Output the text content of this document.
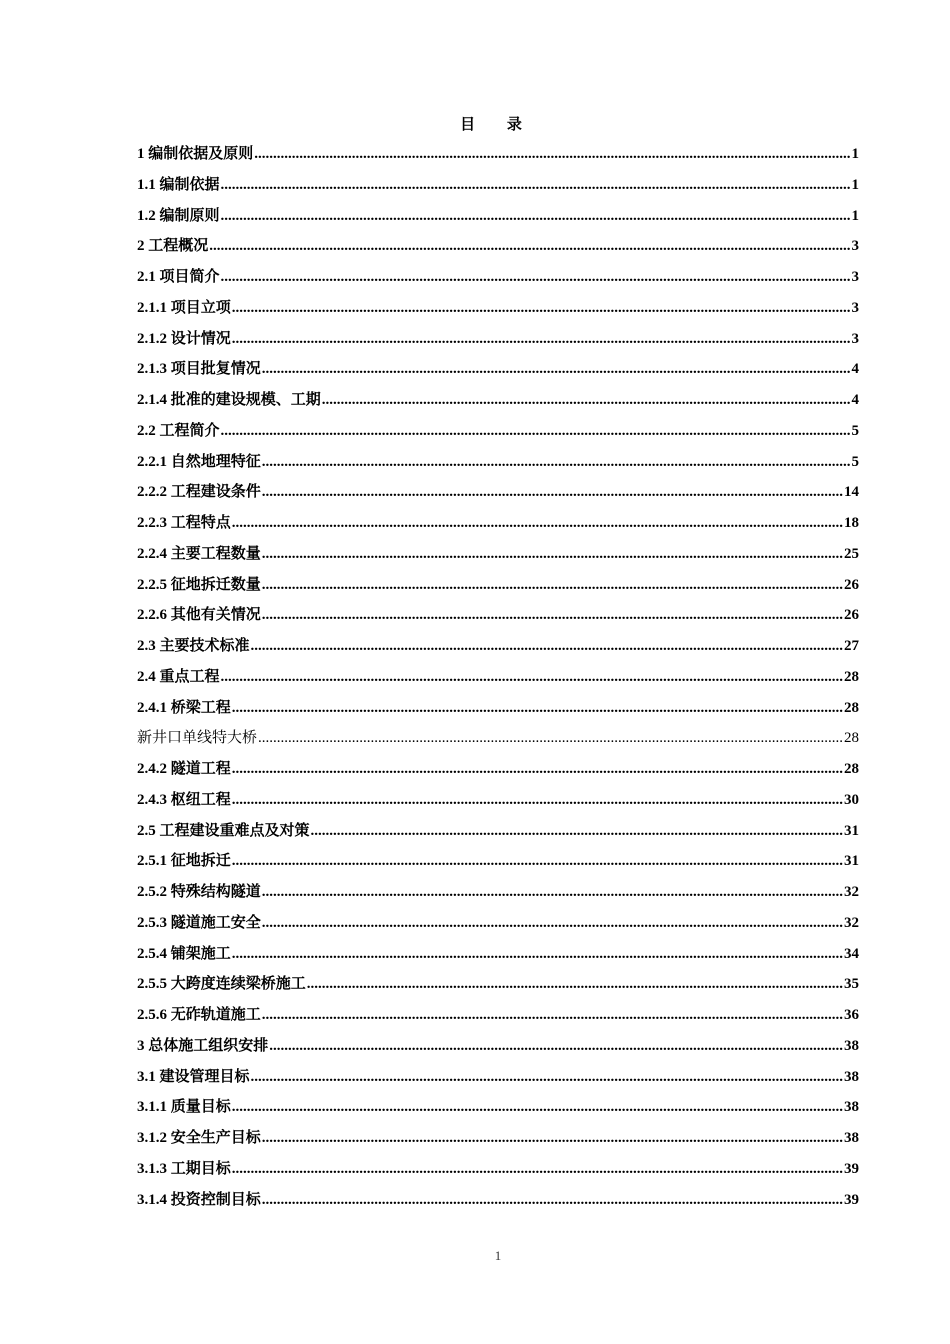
目 录
1 编制依据及原则 .....	1
1.1 编制依据 .....	1
1.2 编制原则 .....	1
2 工程概况 .....	3
2.1 项目简介 .....	3
2.1.1 项目立项 .....	3
2.1.2 设计情况 .....	3
2.1.3 项目批复情况 .....	4
2.1.4 批准的建设规模、工期 .....	4
2.2 工程简介 .....	5
2.2.1 自然地理特征 .....	5
2.2.2 工程建设条件 .....	14
2.2.3 工程特点 .....	18
2.2.4 主要工程数量 .....	25
2.2.5 征地拆迁数量 .....	26
2.2.6 其他有关情况 .....	26
2.3 主要技术标准 .....	27
2.4 重点工程 .....	28
2.4.1 桥梁工程 .....	28
新井口单线特大桥 .....	28
2.4.2 隧道工程 .....	28
2.4.3 枢纽工程 .....	30
2.5 工程建设重难点及对策 .....	31
2.5.1 征地拆迁 .....	31
2.5.2 特殊结构隧道 .....	32
2.5.3 隧道施工安全 .....	32
2.5.4 铺架施工 .....	34
2.5.5 大跨度连续梁桥施工 .....	35
2.5.6 无砟轨道施工 .....	36
3 总体施工组织安排 .....	38
3.1 建设管理目标 .....	38
3.1.1 质量目标 .....	38
3.1.2 安全生产目标 .....	38
3.1.3 工期目标 .....	39
3.1.4 投资控制目标 .....	39
1
